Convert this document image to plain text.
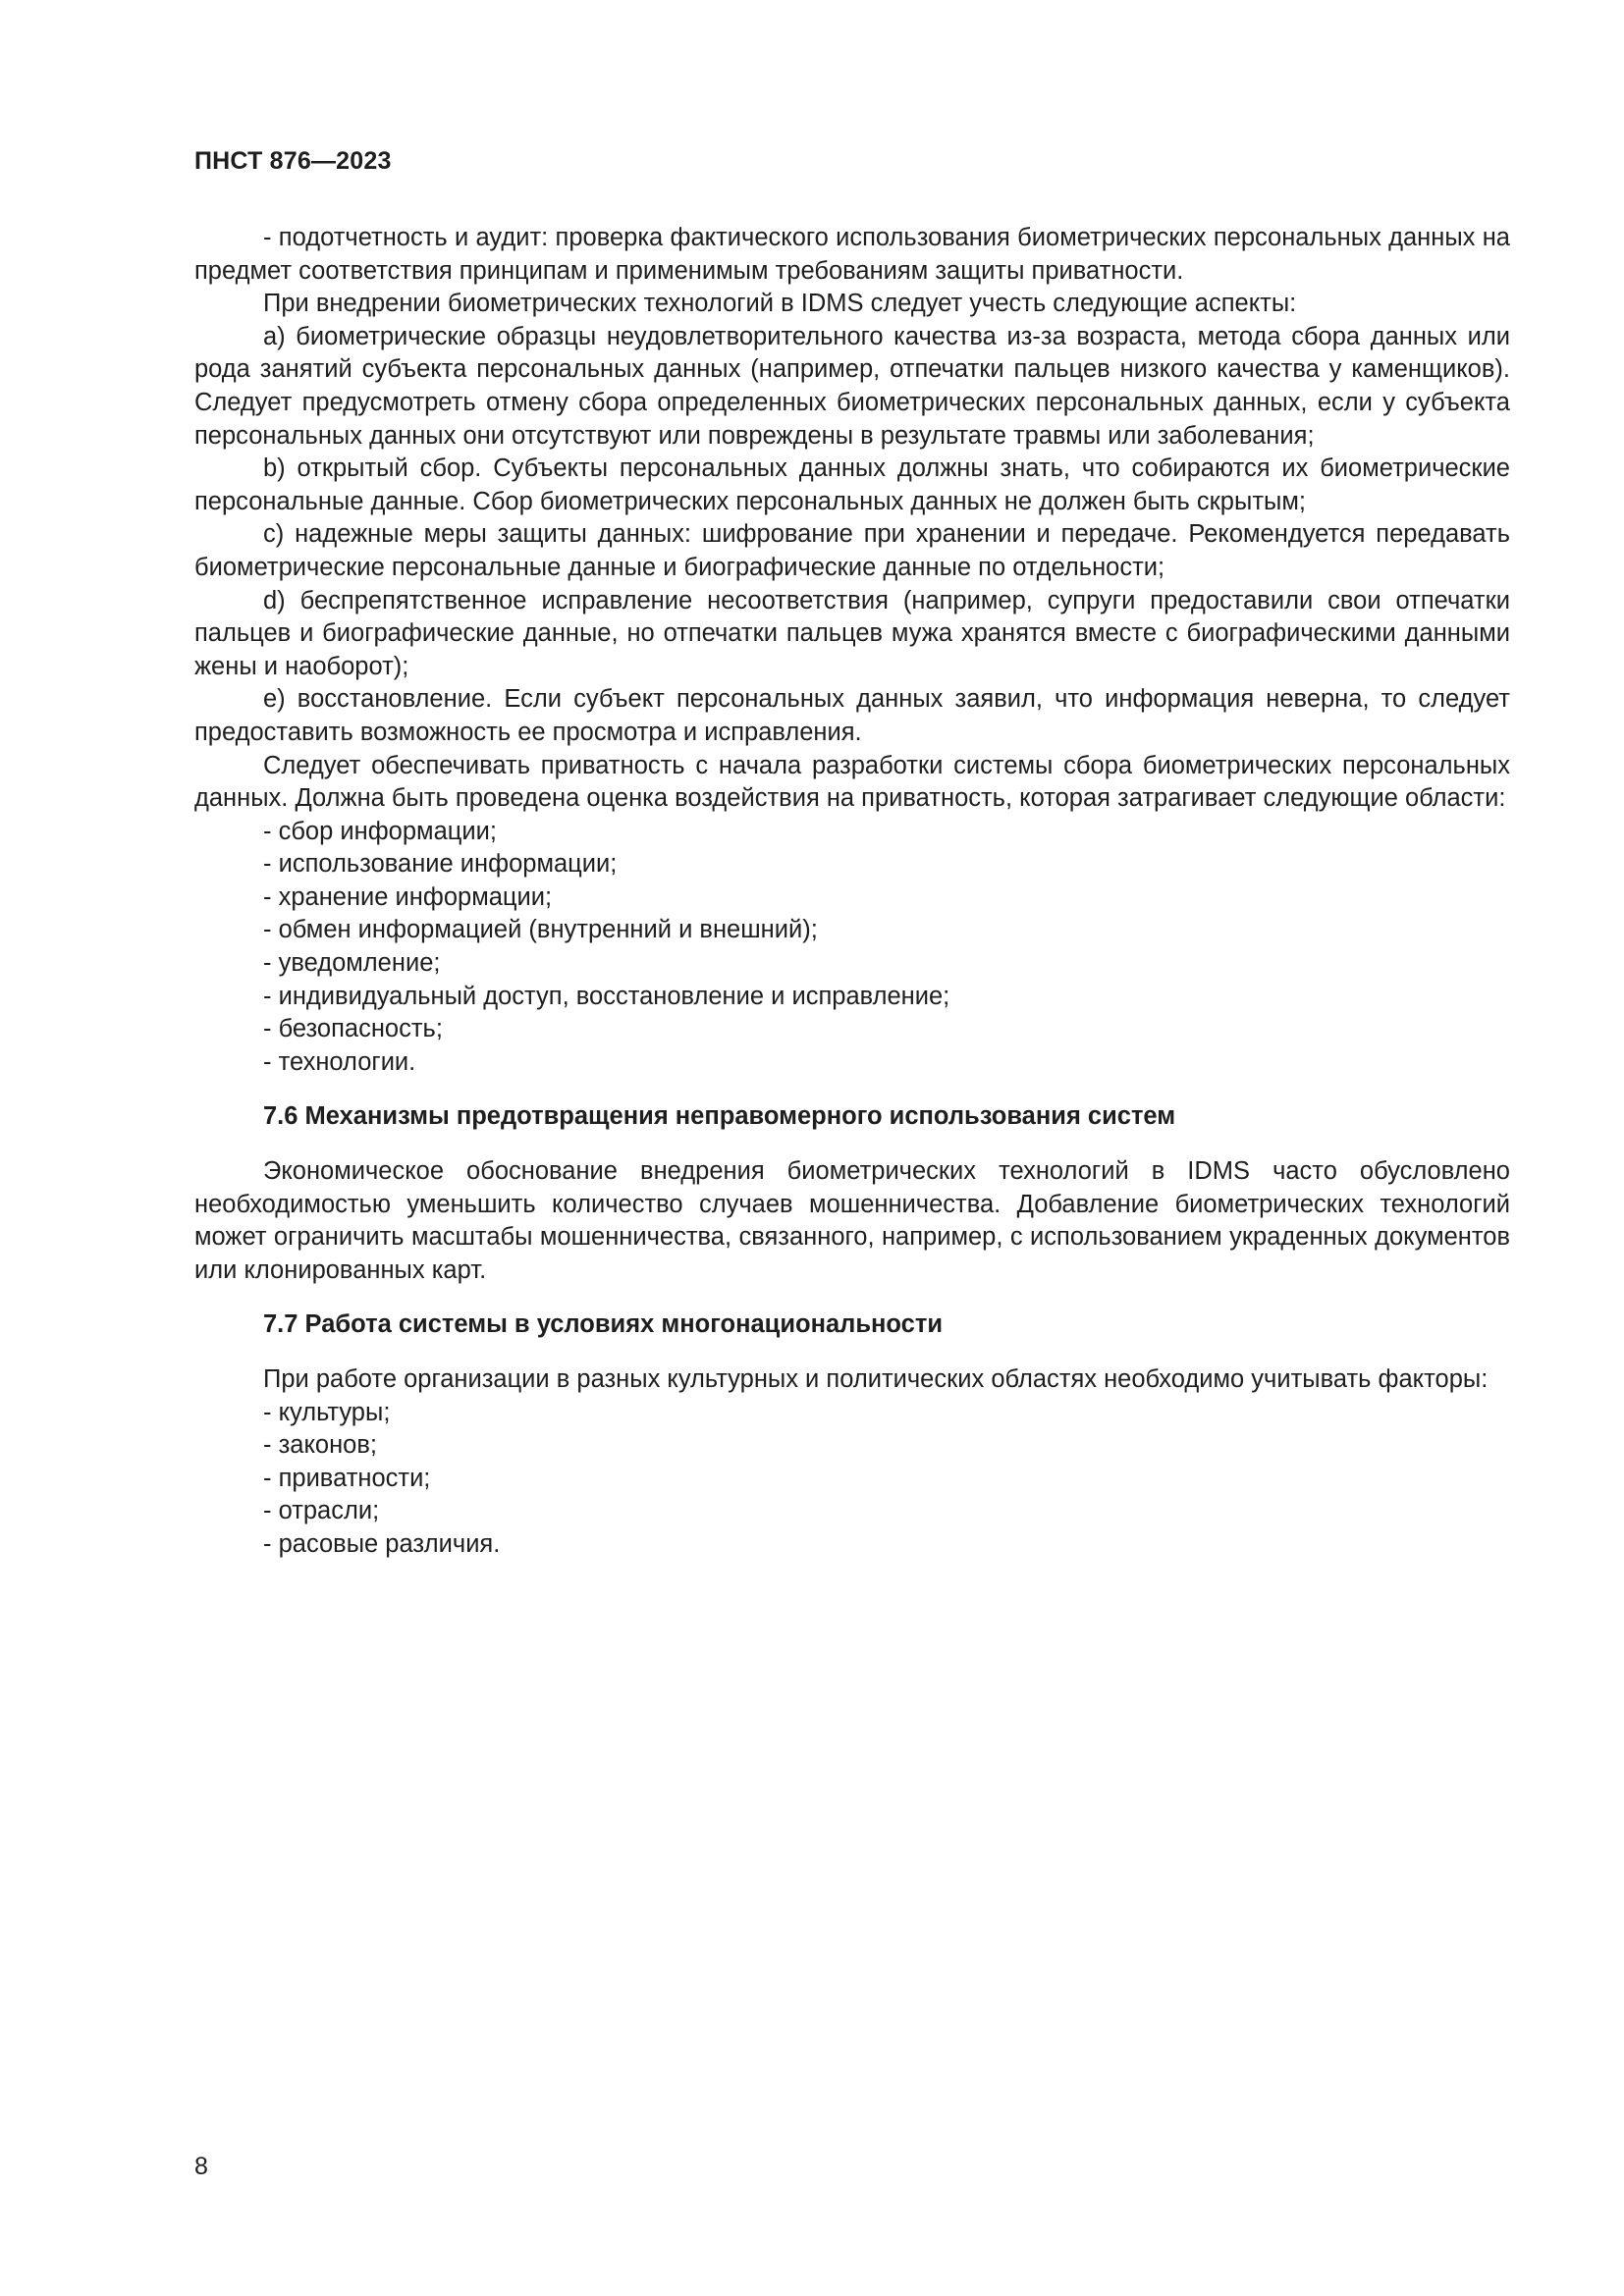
ПНСТ 876—2023

- подотчетность и аудит: проверка фактического использования биометрических персональных данных на предмет соответствия принципам и применимым требованиям защиты приватности.

При внедрении биометрических технологий в IDMS следует учесть следующие аспекты:

a) биометрические образцы неудовлетворительного качества из-за возраста, метода сбора данных или рода занятий субъекта персональных данных (например, отпечатки пальцев низкого качества у каменщиков). Следует предусмотреть отмену сбора определенных биометрических персональных данных, если у субъекта персональных данных они отсутствуют или повреждены в результате травмы или заболевания;

b) открытый сбор. Субъекты персональных данных должны знать, что собираются их биометрические персональные данные. Сбор биометрических персональных данных не должен быть скрытым;

c) надежные меры защиты данных: шифрование при хранении и передаче. Рекомендуется передавать биометрические персональные данные и биографические данные по отдельности;

d) беспрепятственное исправление несоответствия (например, супруги предоставили свои отпечатки пальцев и биографические данные, но отпечатки пальцев мужа хранятся вместе с биографическими данными жены и наоборот);

e) восстановление. Если субъект персональных данных заявил, что информация неверна, то следует предоставить возможность ее просмотра и исправления.

Следует обеспечивать приватность с начала разработки системы сбора биометрических персональных данных. Должна быть проведена оценка воздействия на приватность, которая затрагивает следующие области:

- сбор информации;
- использование информации;
- хранение информации;
- обмен информацией (внутренний и внешний);
- уведомление;
- индивидуальный доступ, восстановление и исправление;
- безопасность;
- технологии.
7.6 Механизмы предотвращения неправомерного использования систем

Экономическое обоснование внедрения биометрических технологий в IDMS часто обусловлено необходимостью уменьшить количество случаев мошенничества. Добавление биометрических технологий может ограничить масштабы мошенничества, связанного, например, с использованием украденных документов или клонированных карт.

7.7 Работа системы в условиях многонациональности

При работе организации в разных культурных и политических областях необходимо учитывать факторы:

- культуры;
- законов;
- приватности;
- отрасли;
- расовые различия.
8
